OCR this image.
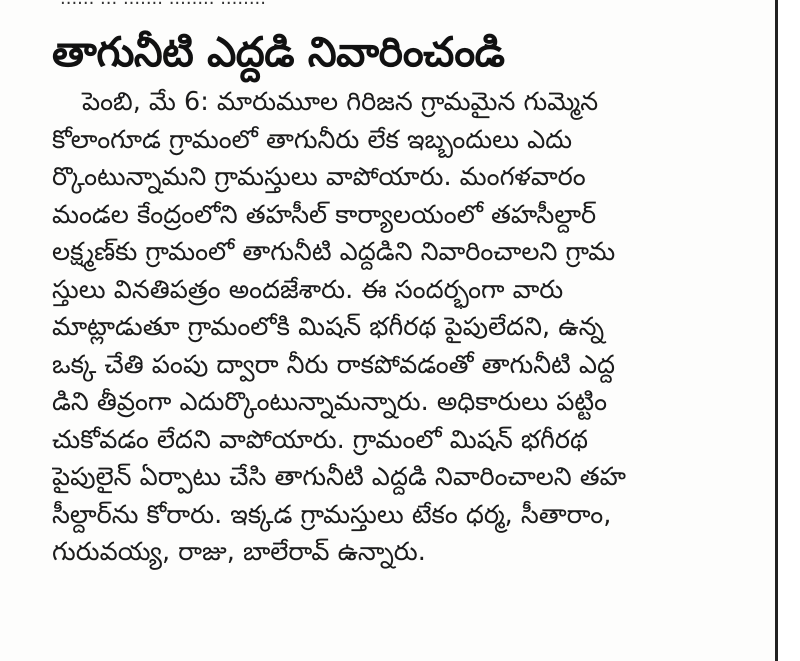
తాగునీటి ఎద్దడి నివారించండి
పెంబి, మే 6: మారుమూల గిరిజన గ్రామమైన గుమ్మెన
కోలాంగూడ గ్రామంలో తాగునీరు లేక ఇబ్బందులు ఎదు
ర్కొంటున్నామని గ్రామస్తులు వాపోయారు. మంగళవారం
మండల కేంద్రంలోని తహసీల్ కార్యాలయంలో తహసీల్దార్
లక్ష్మణ్‌కు గ్రామంలో తాగునీటి ఎద్దడిని నివారించాలని గ్రామ
స్తులు వినతిపత్రం అందజేశారు. ఈ సందర్భంగా వారు
మాట్లాడుతూ గ్రామంలోకి మిషన్ భగీరథ పైపులేదని, ఉన్న
ఒక్క చేతి పంపు ద్వారా నీరు రాకపోవడంతో తాగునీటి ఎద్ద
డిని తీవ్రంగా ఎదుర్కొంటున్నామన్నారు. అధికారులు పట్టిం
చుకోవడం లేదని వాపోయారు. గ్రామంలో మిషన్ భగీరథ
పైపులైన్ ఏర్పాటు చేసి తాగునీటి ఎద్దడి నివారించాలని తహ
సీల్దార్‌ను కోరారు. ఇక్కడ గ్రామస్తులు టేకం ధర్మ, సీతారాం,
గురువయ్య, రాజు, బాలేరావ్ ఉన్నారు.
